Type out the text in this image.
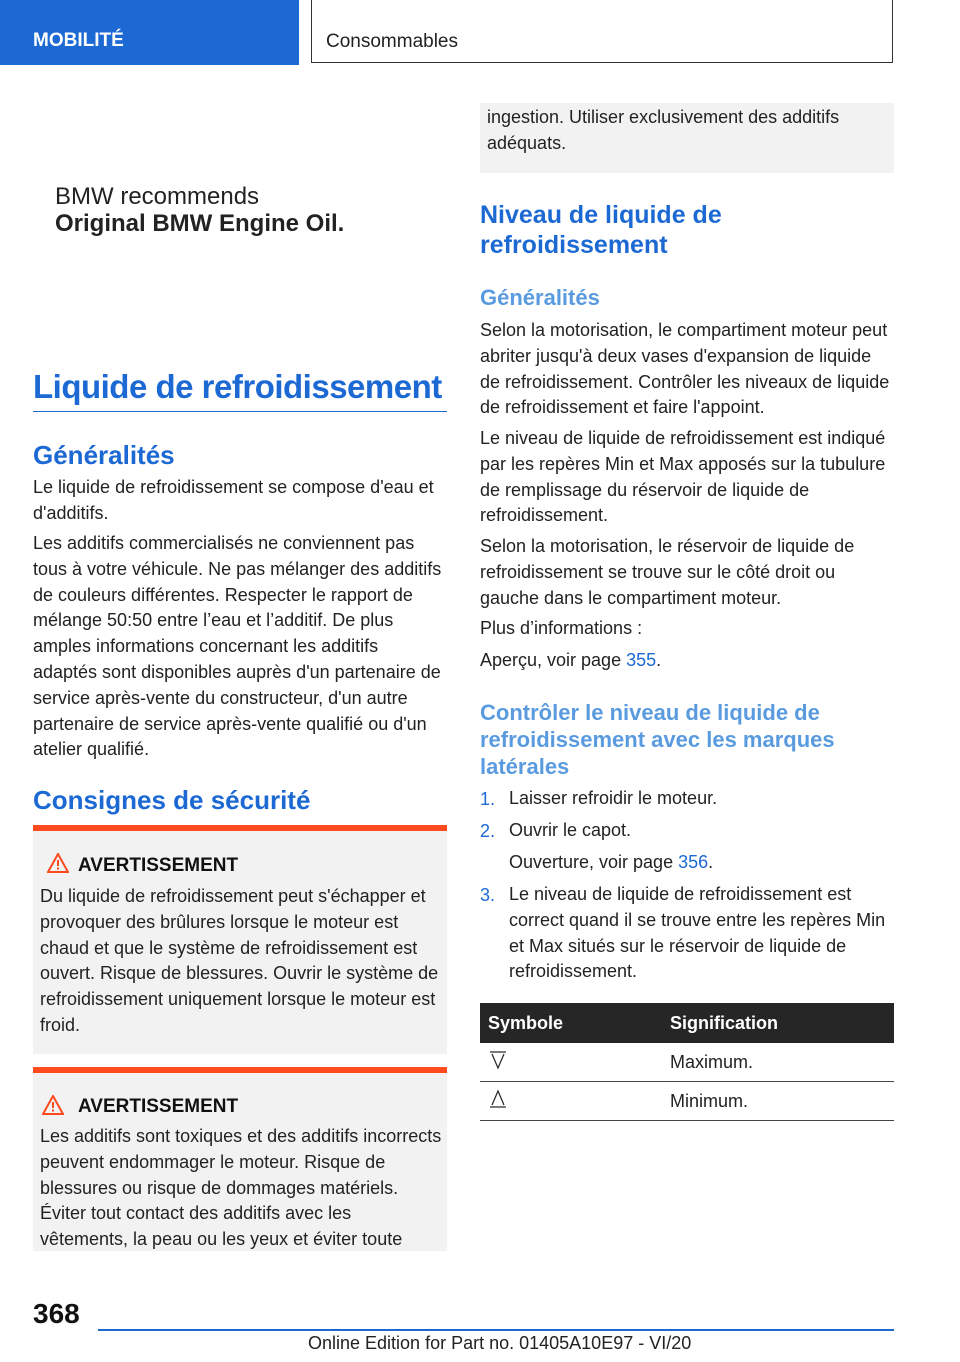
MOBILITÉ	Consommables
BMW recommends
Original BMW Engine Oil.
Liquide de refroidissement
Généralités

Le liquide de refroidissement se compose d'eau et d'additifs.

Les additifs commercialisés ne conviennent pas tous à votre véhicule. Ne pas mélanger des additifs de couleurs différentes. Respecter le rapport de mélange 50:50 entre l’eau et l’additif. De plus amples informations concernant les additifs adaptés sont disponibles auprès d'un partenaire de service après-vente du constructeur, d'un autre partenaire de service après-vente qualifié ou d'un atelier qualifié.

Consignes de sécurité
AVERTISSEMENT

Du liquide de refroidissement peut s'échapper et provoquer des brûlures lorsque le moteur est chaud et que le système de refroidissement est ouvert. Risque de blessures. Ouvrir le système de refroidissement uniquement lorsque le moteur est froid.

AVERTISSEMENT

Les additifs sont toxiques et des additifs incorrects peuvent endommager le moteur. Risque de blessures ou risque de dommages matériels. Éviter tout contact des additifs avec les vêtements, la peau ou les yeux et éviter toute

ingestion. Utiliser exclusivement des additifs adéquats.

Niveau de liquide de refroidissement
Généralités

Selon la motorisation, le compartiment moteur peut abriter jusqu'à deux vases d'expansion de liquide de refroidissement. Contrôler les niveaux de liquide de refroidissement et faire l'appoint.

Le niveau de liquide de refroidissement est indiqué par les repères Min et Max apposés sur la tubulure de remplissage du réservoir de liquide de refroidissement.

Selon la motorisation, le réservoir de liquide de refroidissement se trouve sur le côté droit ou gauche dans le compartiment moteur.

Plus d’informations :

Aperçu, voir page 355.

Contrôler le niveau de liquide de refroidissement avec les marques latérales
1. Laisser refroidir le moteur.

2. Ouvrir le capot.

Ouverture, voir page 356.

3. Le niveau de liquide de refroidissement est correct quand il se trouve entre les repères Min et Max situés sur le réservoir de liquide de refroidissement.

Symbole	Signification
	Maximum.
	Minimum.
368
Online Edition for Part no. 01405A10E97 - VI/20
